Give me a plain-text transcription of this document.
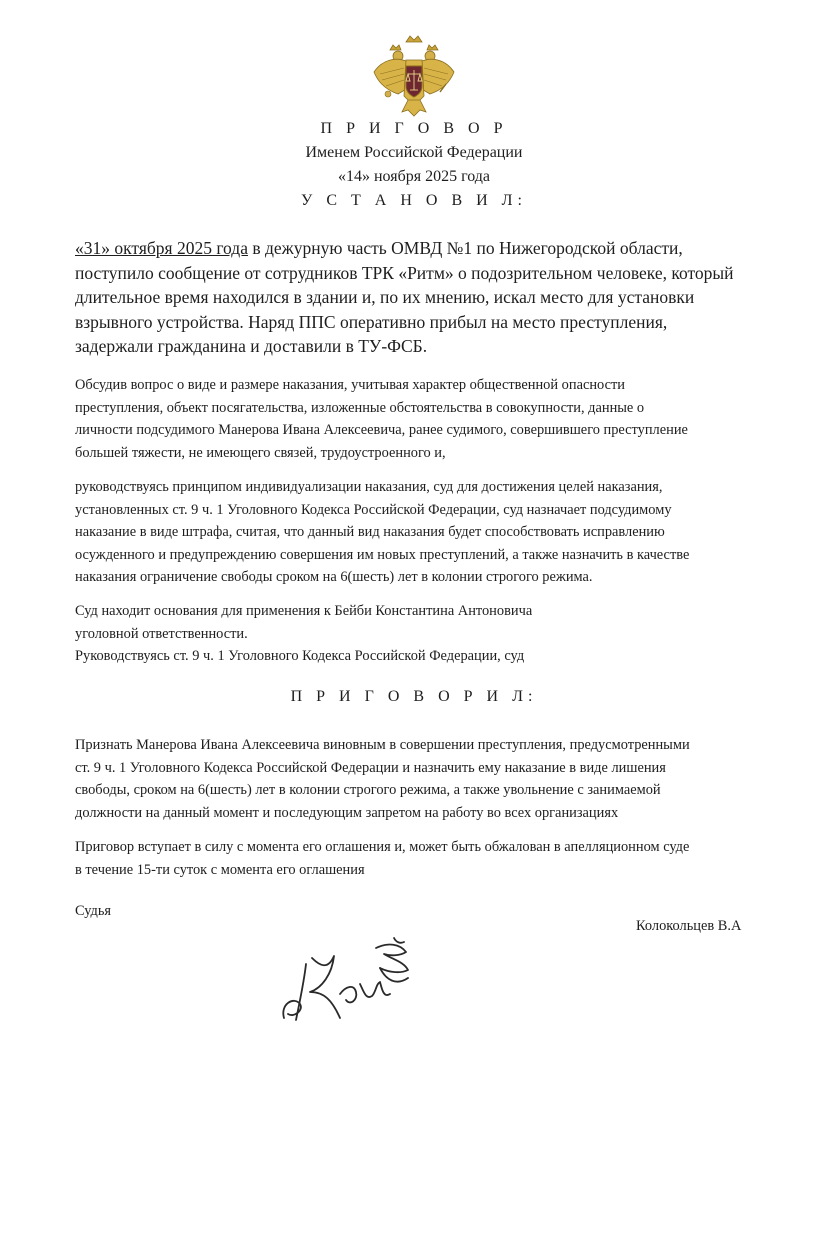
П Р И Г О В О Р
Именем Российской Федерации
«14» ноября 2025 года
У С Т А Н О В И Л:
«31» октября 2025 года в дежурную часть ОМВД №1 по Нижегородской области,
поступило сообщение от сотрудников ТРК «Ритм» о подозрительном человеке, который
длительное время находился в здании и, по их мнению, искал место для установки
взрывного устройства. Наряд ППС оперативно прибыл на место преступления,
задержали гражданина и доставили в ТУ-ФСБ.
Обсудив вопрос о виде и размере наказания, учитывая характер общественной опасности
преступления, объект посягательства, изложенные обстоятельства в совокупности, данные о
личности подсудимого Манерова Ивана Алексеевича, ранее судимого, совершившего преступление
большей тяжести, не имеющего связей, трудоустроенного и,
руководствуясь принципом индивидуализации наказания, суд для достижения целей наказания,
установленных ст. 9 ч. 1 Уголовного Кодекса Российской Федерации, суд назначает подсудимому
наказание в виде штрафа, считая, что данный вид наказания будет способствовать исправлению
осужденного и предупреждению совершения им новых преступлений, а также назначить в качестве
наказания ограничение свободы сроком на 6(шесть) лет в колонии строгого режима.
Суд находит основания для применения к Бейби Константина Антоновича
уголовной ответственности.
Руководствуясь ст. 9 ч. 1 Уголовного Кодекса Российской Федерации, суд
П Р И Г О В О Р И Л:
Признать Манерова Ивана Алексеевича виновным в совершении преступления, предусмотренными
ст. 9 ч. 1 Уголовного Кодекса Российской Федерации и назначить ему наказание в виде лишения
свободы, сроком на 6(шесть) лет в колонии строгого режима, а также увольнение с занимаемой
должности на данный момент и последующим запретом на работу во всех организациях
Приговор вступает в силу с момента его оглашения и, может быть обжалован в апелляционном суде
в течение 15-ти суток с момента его оглашения
Судья
Колокольцев В.А
